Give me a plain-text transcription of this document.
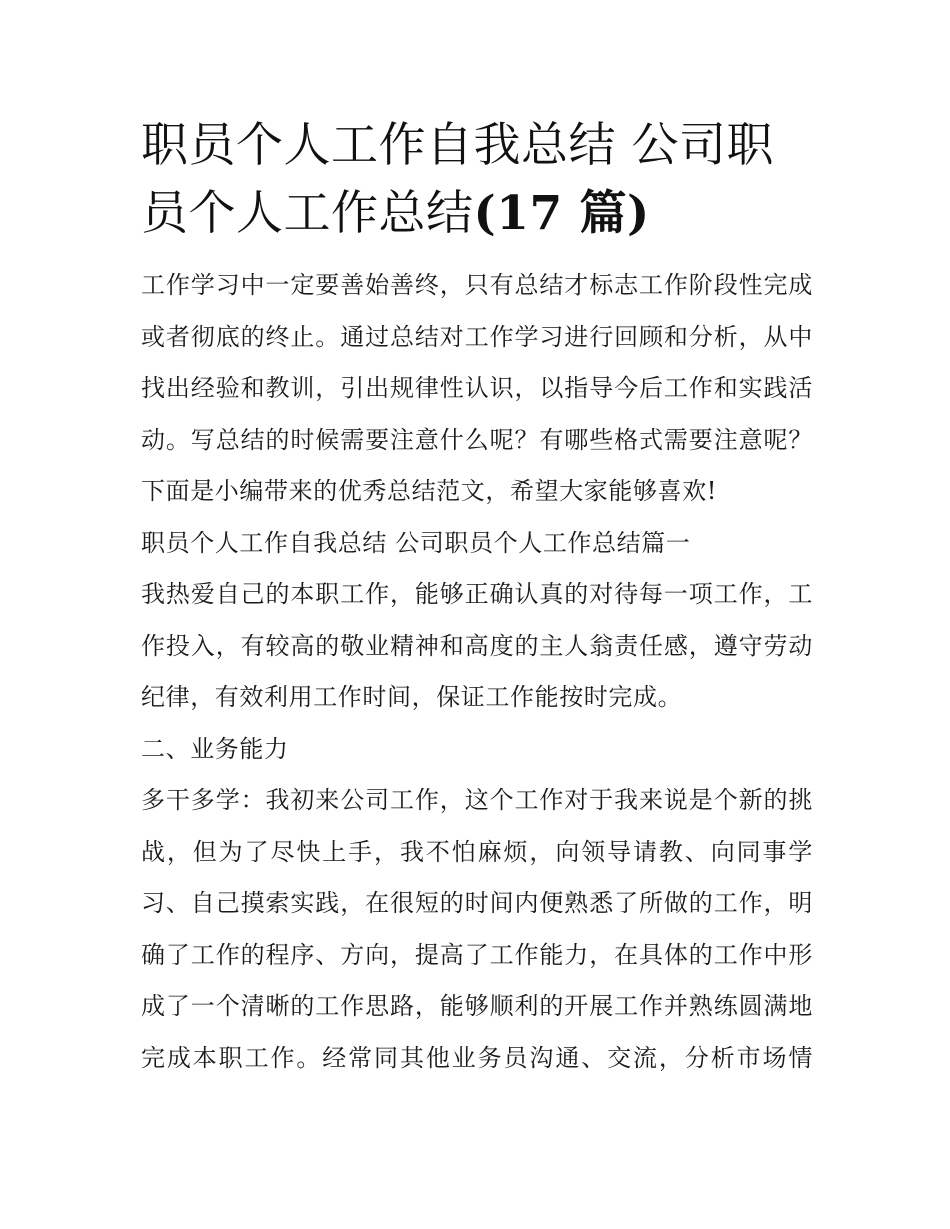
职员个人工作自我总结 公司职
员个人工作总结(17 篇)
工作学习中一定要善始善终，只有总结才标志工作阶段性完成
或者彻底的终止。通过总结对工作学习进行回顾和分析，从中
找出经验和教训，引出规律性认识，以指导今后工作和实践活
动。写总结的时候需要注意什么呢？有哪些格式需要注意呢？
下面是小编带来的优秀总结范文，希望大家能够喜欢!
职员个人工作自我总结 公司职员个人工作总结篇一
我热爱自己的本职工作，能够正确认真的对待每一项工作，工
作投入，有较高的敬业精神和高度的主人翁责任感，遵守劳动
纪律，有效利用工作时间，保证工作能按时完成。
二、业务能力
多干多学：我初来公司工作，这个工作对于我来说是个新的挑
战，但为了尽快上手，我不怕麻烦，向领导请教、向同事学
习、自己摸索实践，在很短的时间内便熟悉了所做的工作，明
确了工作的程序、方向，提高了工作能力，在具体的工作中形
成了一个清晰的工作思路，能够顺利的开展工作并熟练圆满地
完成本职工作。经常同其他业务员沟通、交流，分析市场情
